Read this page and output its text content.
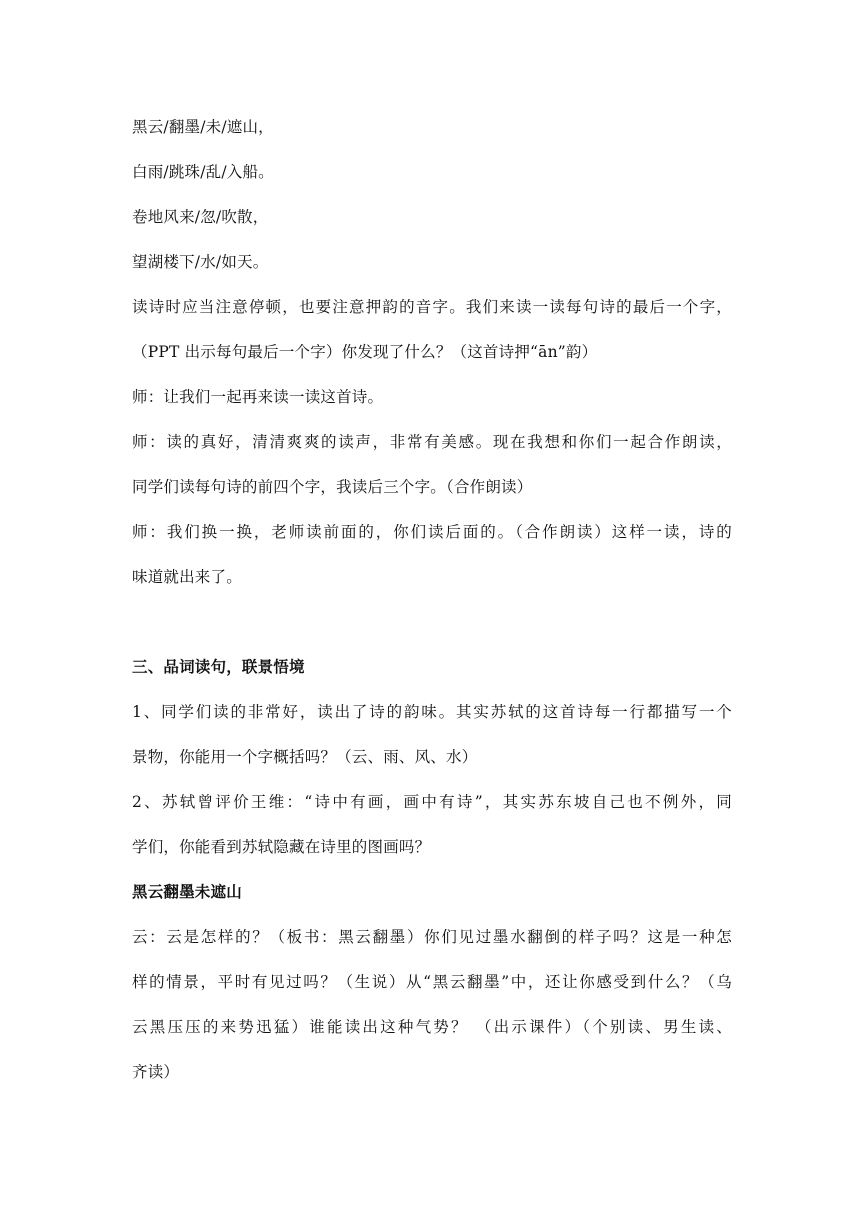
黑云/翻墨/未/遮山，
白雨/跳珠/乱/入船。
卷地风来/忽/吹散，
望湖楼下/水/如天。
读诗时应当注意停顿，也要注意押韵的音字。我们来读一读每句诗的最后一个字，
（PPT 出示每句最后一个字）你发现了什么？（这首诗押“ān”韵）
师：让我们一起再来读一读这首诗。
师：读的真好，清清爽爽的读声，非常有美感。现在我想和你们一起合作朗读，
同学们读每句诗的前四个字，我读后三个字。（合作朗读）
师：我们换一换，老师读前面的，你们读后面的。（合作朗读）这样一读，诗的
味道就出来了。
三、品词读句，联景悟境
1、同学们读的非常好，读出了诗的韵味。其实苏轼的这首诗每一行都描写一个
景物，你能用一个字概括吗？（云、雨、风、水）
2、苏轼曾评价王维：“诗中有画，画中有诗”，其实苏东坡自己也不例外，同
学们，你能看到苏轼隐藏在诗里的图画吗？
黑云翻墨未遮山
云：云是怎样的？（板书：黑云翻墨）你们见过墨水翻倒的样子吗？这是一种怎
样的情景，平时有见过吗？（生说）从“黑云翻墨”中，还让你感受到什么？（乌
云黑压压的来势迅猛）谁能读出这种气势？ （出示课件）（个别读、男生读、
齐读）
